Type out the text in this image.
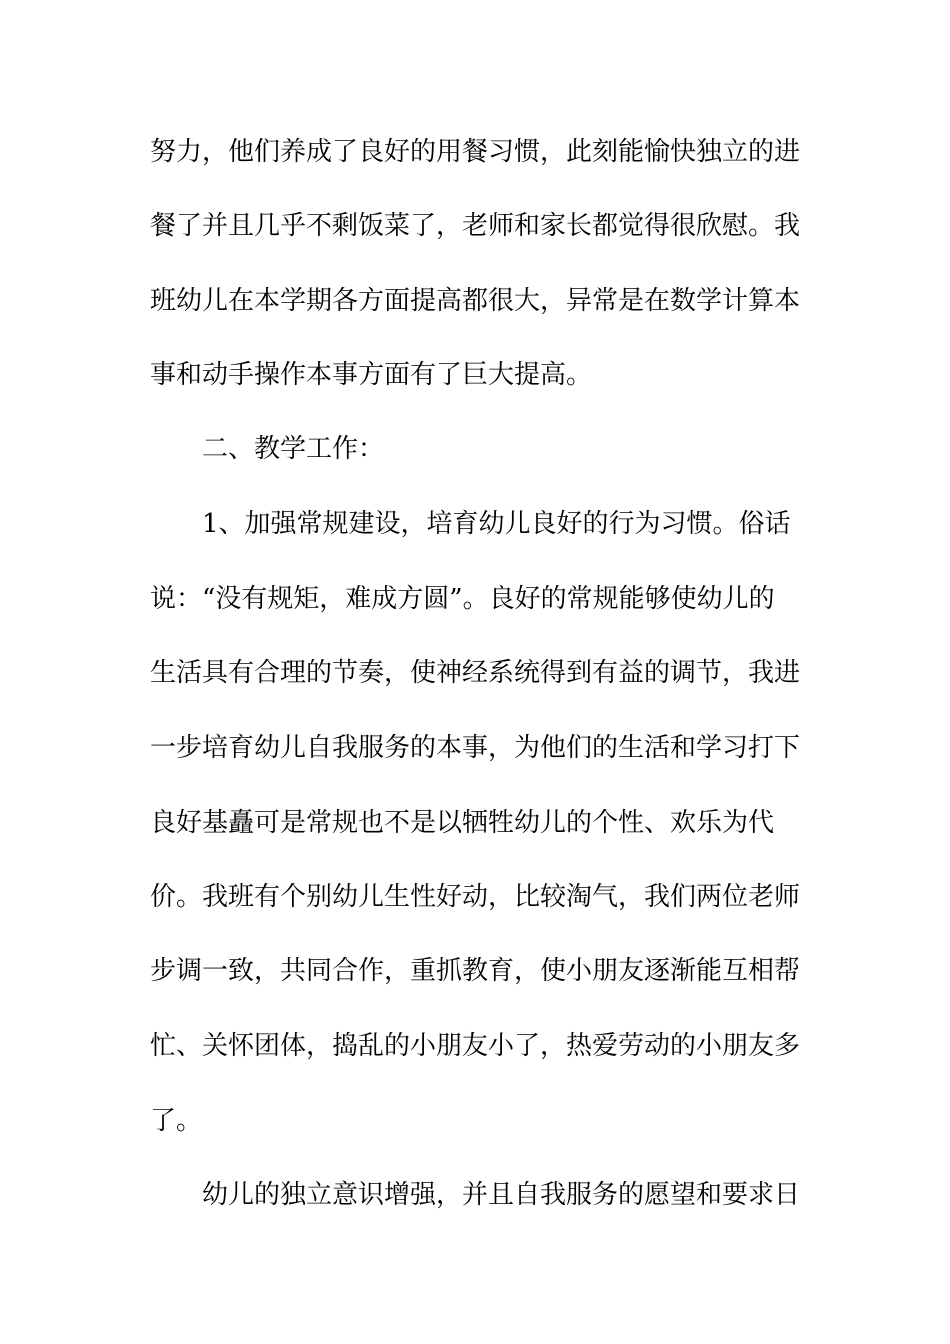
努力，他们养成了良好的用餐习惯，此刻能愉快独立的进
餐了并且几乎不剩饭菜了，老师和家长都觉得很欣慰。我
班幼儿在本学期各方面提高都很大，异常是在数学计算本
事和动手操作本事方面有了巨大提高。
二、教学工作：
1、加强常规建设，培育幼儿良好的行为习惯。俗话
说：“没有规矩，难成方圆”。良好的常规能够使幼儿的
生活具有合理的节奏，使神经系统得到有益的调节，我进
一步培育幼儿自我服务的本事，为他们的生活和学习打下
良好基矗可是常规也不是以牺牲幼儿的个性、欢乐为代
价。我班有个别幼儿生性好动，比较淘气，我们两位老师
步调一致，共同合作，重抓教育，使小朋友逐渐能互相帮
忙、关怀团体，捣乱的小朋友小了，热爱劳动的小朋友多
了。
幼儿的独立意识增强，并且自我服务的愿望和要求日
